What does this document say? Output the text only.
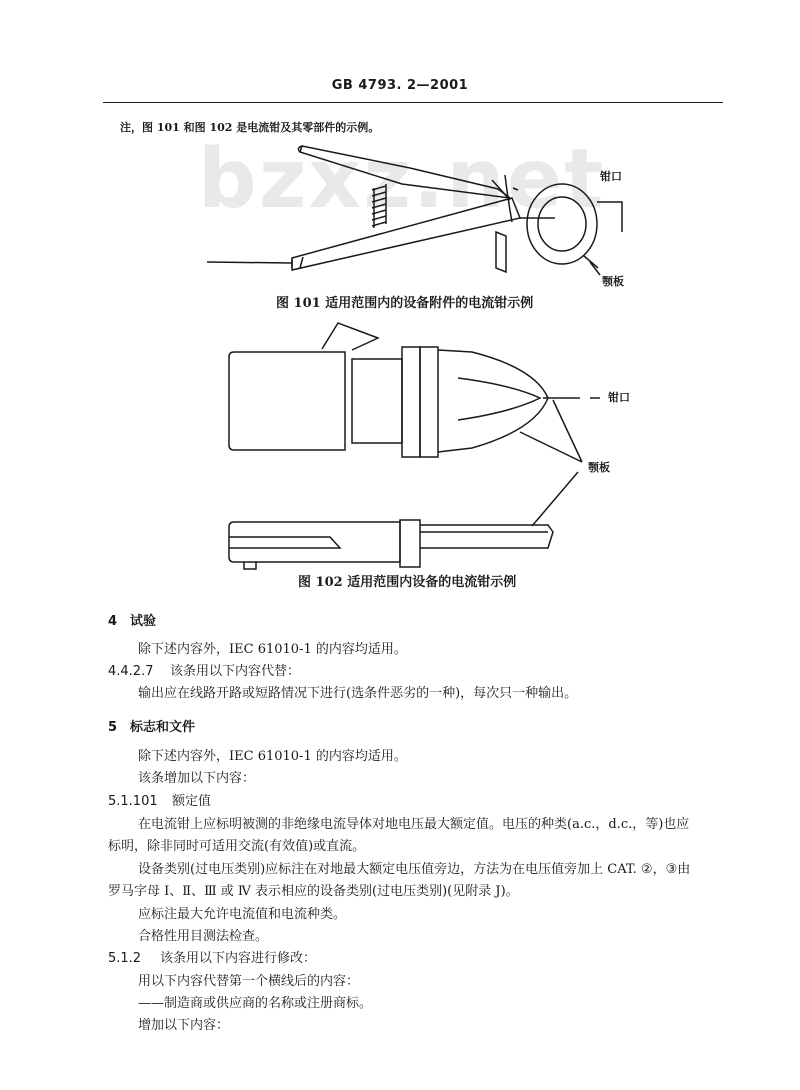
GB 4793. 2—2001
bzxz.net
注，图 101 和图 102 是电流钳及其零部件的示例。
钳口
颚板
图 101 适用范围内的设备附件的电流钳示例
钳口
颚板
图 102 适用范围内设备的电流钳示例
4 试验
除下述内容外，IEC 61010-1 的内容均适用。
4.4.2.7 该条用以下内容代替：
输出应在线路开路或短路情况下进行(选条件恶劣的一种)，每次只一种输出。
5 标志和文件
除下述内容外，IEC 61010-1 的内容均适用。
该条增加以下内容：
5.1.101 额定值
在电流钳上应标明被测的非绝缘电流导体对地电压最大额定值。电压的种类(a.c.，d.c.，等)也应
标明，除非同时可适用交流(有效值)或直流。
设备类别(过电压类别)应标注在对地最大额定电压值旁边，方法为在电压值旁加上 CAT. ②，③由
罗马字母 Ⅰ、Ⅱ、Ⅲ 或 Ⅳ 表示相应的设备类别(过电压类别)(见附录 J)。
应标注最大允许电流值和电流种类。
合格性用目测法检查。
5.1.2 该条用以下内容进行修改：
用以下内容代替第一个横线后的内容：
——制造商或供应商的名称或注册商标。
增加以下内容：
